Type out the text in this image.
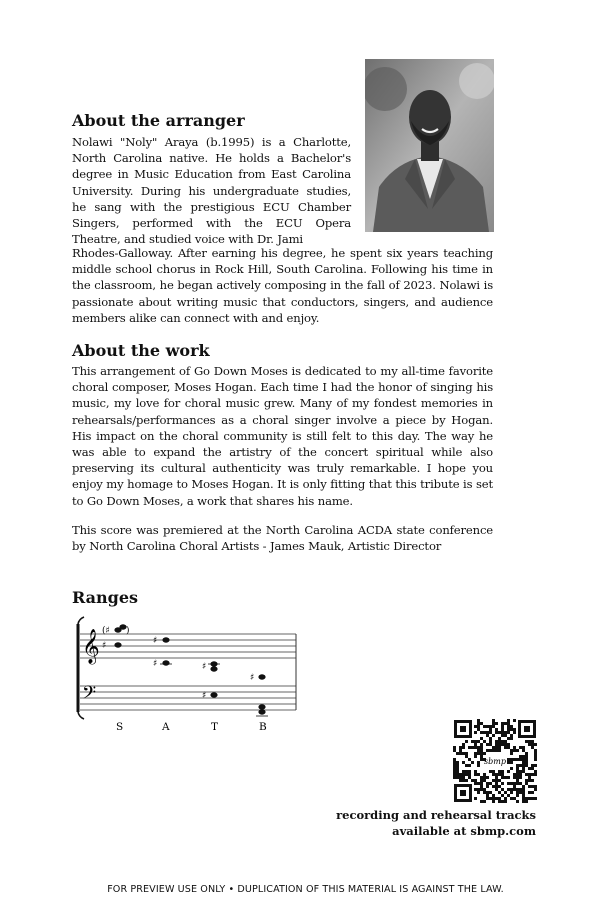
About the arranger

Nolawi "Noly" Araya (b.1995) is a Charlotte, North Carolina native. He holds a Bachelor's degree in Music Education from East Carolina University. During his undergraduate studies, he sang with the prestigious ECU Chamber Singers, performed with the ECU Opera Theatre, and studied voice with Dr. Jami

Rhodes-Galloway. After earning his degree, he spent six years teaching middle school chorus in Rock Hill, South Carolina. Following his time in the classroom, he began actively composing in the fall of 2023. Nolawi is passionate about writing music that conductors, singers, and audience members alike can connect with and enjoy.

About the work

This arrangement of Go Down Moses is dedicated to my all-time favorite choral composer, Moses Hogan. Each time I had the honor of singing his music, my love for choral music grew. Many of my fondest memories in rehearsals/performances as a choral singer involve a piece by Hogan. His impact on the choral community is still felt to this day. The way he was able to expand the artistry of the concert spiritual while also preserving its cultural authenticity was truly remarkable. I hope you enjoy my homage to Moses Hogan. It is only fitting that this tribute is set to Go Down Moses, a work that shares his name.

This score was premiered at the North Carolina ACDA state conference by North Carolina Choral Artists - James Mauk, Artistic Director

Ranges
𝄞
𝄢
♯
(♯ )
♯
♯	♯
♯
♯
S	A	T	B
sbmp
recording and rehearsal tracks
available at sbmp.com
FOR PREVIEW USE ONLY • DUPLICATION OF THIS MATERIAL IS AGAINST THE LAW.
